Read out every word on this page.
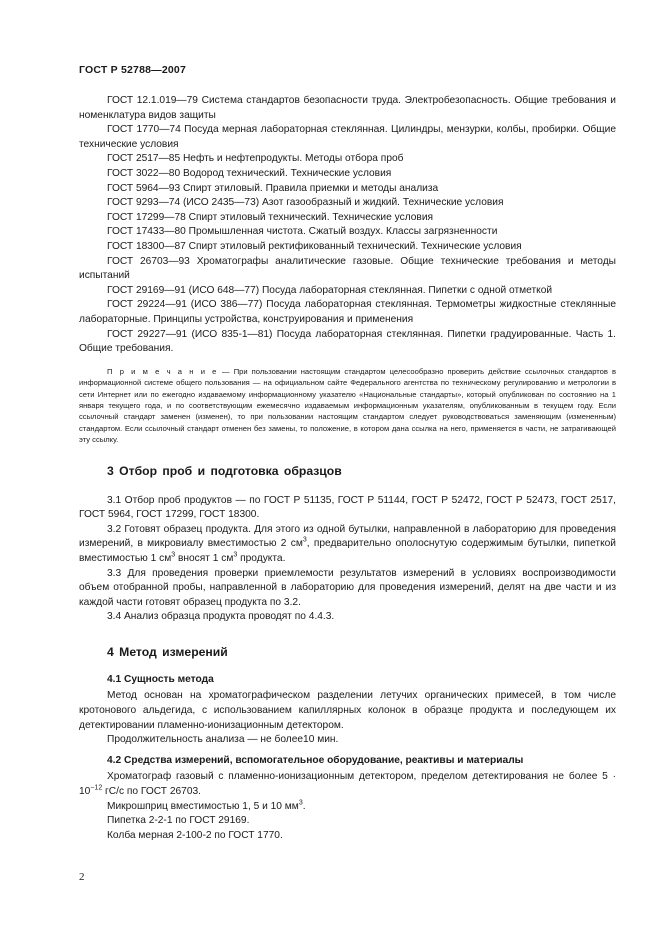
ГОСТ Р 52788—2007

ГОСТ 12.1.019—79 Система стандартов безопасности труда. Электробезопасность. Общие требования и номенклатура видов защиты

ГОСТ 1770—74 Посуда мерная лабораторная стеклянная. Цилиндры, мензурки, колбы, пробирки. Общие технические условия

ГОСТ 2517—85 Нефть и нефтепродукты. Методы отбора проб

ГОСТ 3022—80 Водород технический. Технические условия

ГОСТ 5964—93 Спирт этиловый. Правила приемки и методы анализа

ГОСТ 9293—74 (ИСО 2435—73) Азот газообразный и жидкий. Технические условия

ГОСТ 17299—78 Спирт этиловый технический. Технические условия

ГОСТ 17433—80 Промышленная чистота. Сжатый воздух. Классы загрязненности

ГОСТ 18300—87 Спирт этиловый ректификованный технический. Технические условия

ГОСТ 26703—93 Хроматографы аналитические газовые. Общие технические требования и методы испытаний

ГОСТ 29169—91 (ИСО 648—77) Посуда лабораторная стеклянная. Пипетки с одной отметкой

ГОСТ 29224—91 (ИСО 386—77) Посуда лабораторная стеклянная. Термометры жидкостные стеклянные лабораторные. Принципы устройства, конструирования и применения

ГОСТ 29227—91 (ИСО 835-1—81) Посуда лабораторная стеклянная. Пипетки градуированные. Часть 1. Общие требования.

П р и м е ч а н и е — При пользовании настоящим стандартом целесообразно проверить действие ссылочных стандартов в информационной системе общего пользования — на официальном сайте Федерального агентства по техническому регулированию и метрологии в сети Интернет или по ежегодно издаваемому информационному указателю «Национальные стандарты», который опубликован по состоянию на 1 января текущего года, и по соответствующим ежемесячно издаваемым информационным указателям, опубликованным в текущем году. Если ссылочный стандарт заменен (изменен), то при пользовании настоящим стандартом следует руководствоваться заменяющим (измененным) стандартом. Если ссылочный стандарт отменен без замены, то положение, в котором дана ссылка на него, применяется в части, не затрагивающей эту ссылку.
3 Отбор проб и подготовка образцов

3.1 Отбор проб продуктов — по ГОСТ Р 51135, ГОСТ Р 51144, ГОСТ Р 52472, ГОСТ Р 52473, ГОСТ 2517, ГОСТ 5964, ГОСТ 17299, ГОСТ 18300.

3.2 Готовят образец продукта. Для этого из одной бутылки, направленной в лабораторию для проведения измерений, в микровиалу вместимостью 2 $см^3$, предварительно ополоснутую содержимым бутылки, пипеткой вместимостью 1 $см^3$ вносят 1 $см^3$ продукта.

3.3 Для проведения проверки приемлемости результатов измерений в условиях воспроизводимости объем отобранной пробы, направленной в лабораторию для проведения измерений, делят на две части и из каждой части готовят образец продукта по 3.2.

3.4 Анализ образца продукта проводят по 4.4.3.

4 Метод измерений

4.1 Сущность метода

Метод основан на хроматографическом разделении летучих органических примесей, в том числе кротонового альдегида, с использованием капиллярных колонок в образце продукта и последующем их детектировании пламенно-ионизационным детектором.

Продолжительность анализа — не более10 мин.

4.2 Средства измерений, вспомогательное оборудование, реактивы и материалы

Хроматограф газовый с пламенно-ионизационным детектором, пределом детектирования не более $5 \cdot 10^{-12}$ гС/с по ГОСТ 26703.

Микрошприц вместимостью 1, 5 и 10 $мм^3$.

Пипетка 2-2-1 по ГОСТ 29169.

Колба мерная 2-100-2 по ГОСТ 1770.

2
